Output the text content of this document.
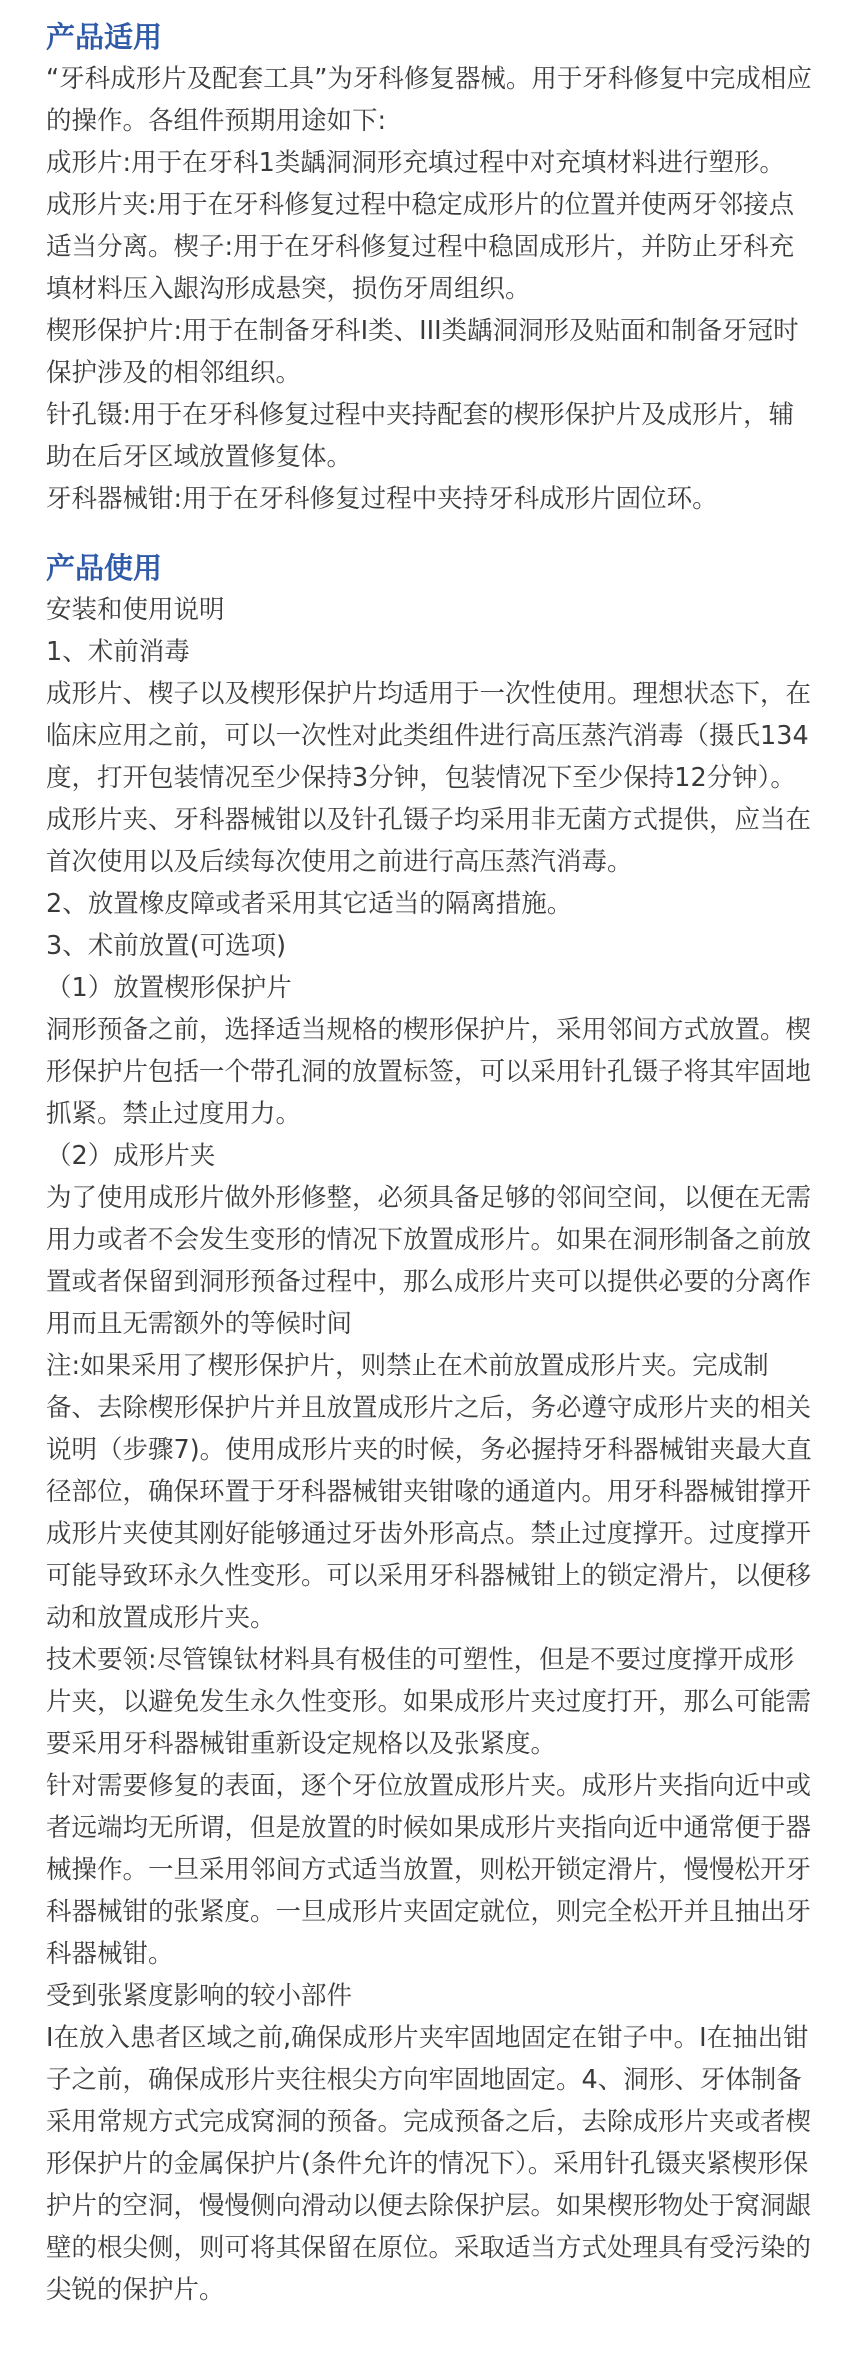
产品适用

“牙科成形片及配套工具”为牙科修复器械。用于牙科修复中完成相应的操作。各组件预期用途如下:

成形片:用于在牙科1类龋洞洞形充填过程中对充填材料进行塑形。

成形片夹:用于在牙科修复过程中稳定成形片的位置并使两牙邻接点适当分离。楔子:用于在牙科修复过程中稳固成形片，并防止牙科充填材料压入龈沟形成悬突，损伤牙周组织。

楔形保护片:用于在制备牙科I类、III类龋洞洞形及贴面和制备牙冠时保护涉及的相邻组织。

针孔镊:用于在牙科修复过程中夹持配套的楔形保护片及成形片，辅助在后牙区域放置修复体。

牙科器械钳:用于在牙科修复过程中夹持牙科成形片固位环。

产品使用

安装和使用说明

1、术前消毒

成形片、楔子以及楔形保护片均适用于一次性使用。理想状态下，在临床应用之前，可以一次性对此类组件进行高压蒸汽消毒（摄氏134度，打开包装情况至少保持3分钟，包装情况下至少保持12分钟）。成形片夹、牙科器械钳以及针孔镊子均采用非无菌方式提供，应当在首次使用以及后续每次使用之前进行高压蒸汽消毒。

2、放置橡皮障或者采用其它适当的隔离措施。

3、术前放置(可选项)

（1）放置楔形保护片

洞形预备之前，选择适当规格的楔形保护片，采用邻间方式放置。楔形保护片包括一个带孔洞的放置标签，可以采用针孔镊子将其牢固地抓紧。禁止过度用力。

（2）成形片夹

为了使用成形片做外形修整，必须具备足够的邻间空间，以便在无需用力或者不会发生变形的情况下放置成形片。如果在洞形制备之前放置或者保留到洞形预备过程中，那么成形片夹可以提供必要的分离作用而且无需额外的等候时间

注:如果采用了楔形保护片，则禁止在术前放置成形片夹。完成制备、去除楔形保护片并且放置成形片之后，务必遵守成形片夹的相关说明（步骤7)。使用成形片夹的时候，务必握持牙科器械钳夹最大直径部位，确保环置于牙科器械钳夹钳喙的通道内。用牙科器械钳撑开成形片夹使其刚好能够通过牙齿外形高点。禁止过度撑开。过度撑开可能导致环永久性变形。可以采用牙科器械钳上的锁定滑片，以便移动和放置成形片夹。

技术要领:尽管镍钛材料具有极佳的可塑性，但是不要过度撑开成形片夹，以避免发生永久性变形。如果成形片夹过度打开，那么可能需要采用牙科器械钳重新设定规格以及张紧度。

针对需要修复的表面，逐个牙位放置成形片夹。成形片夹指向近中或者远端均无所谓，但是放置的时候如果成形片夹指向近中通常便于器械操作。一旦采用邻间方式适当放置，则松开锁定滑片，慢慢松开牙科器械钳的张紧度。一旦成形片夹固定就位，则完全松开并且抽出牙科器械钳。

受到张紧度影响的较小部件

I在放入患者区域之前,确保成形片夹牢固地固定在钳子中。I在抽出钳子之前，确保成形片夹往根尖方向牢固地固定。4、洞形、牙体制备

采用常规方式完成窝洞的预备。完成预备之后，去除成形片夹或者楔形保护片的金属保护片(条件允许的情况下）。采用针孔镊夹紧楔形保护片的空洞，慢慢侧向滑动以便去除保护层。如果楔形物处于窝洞龈壁的根尖侧，则可将其保留在原位。采取适当方式处理具有受污染的尖锐的保护片。
